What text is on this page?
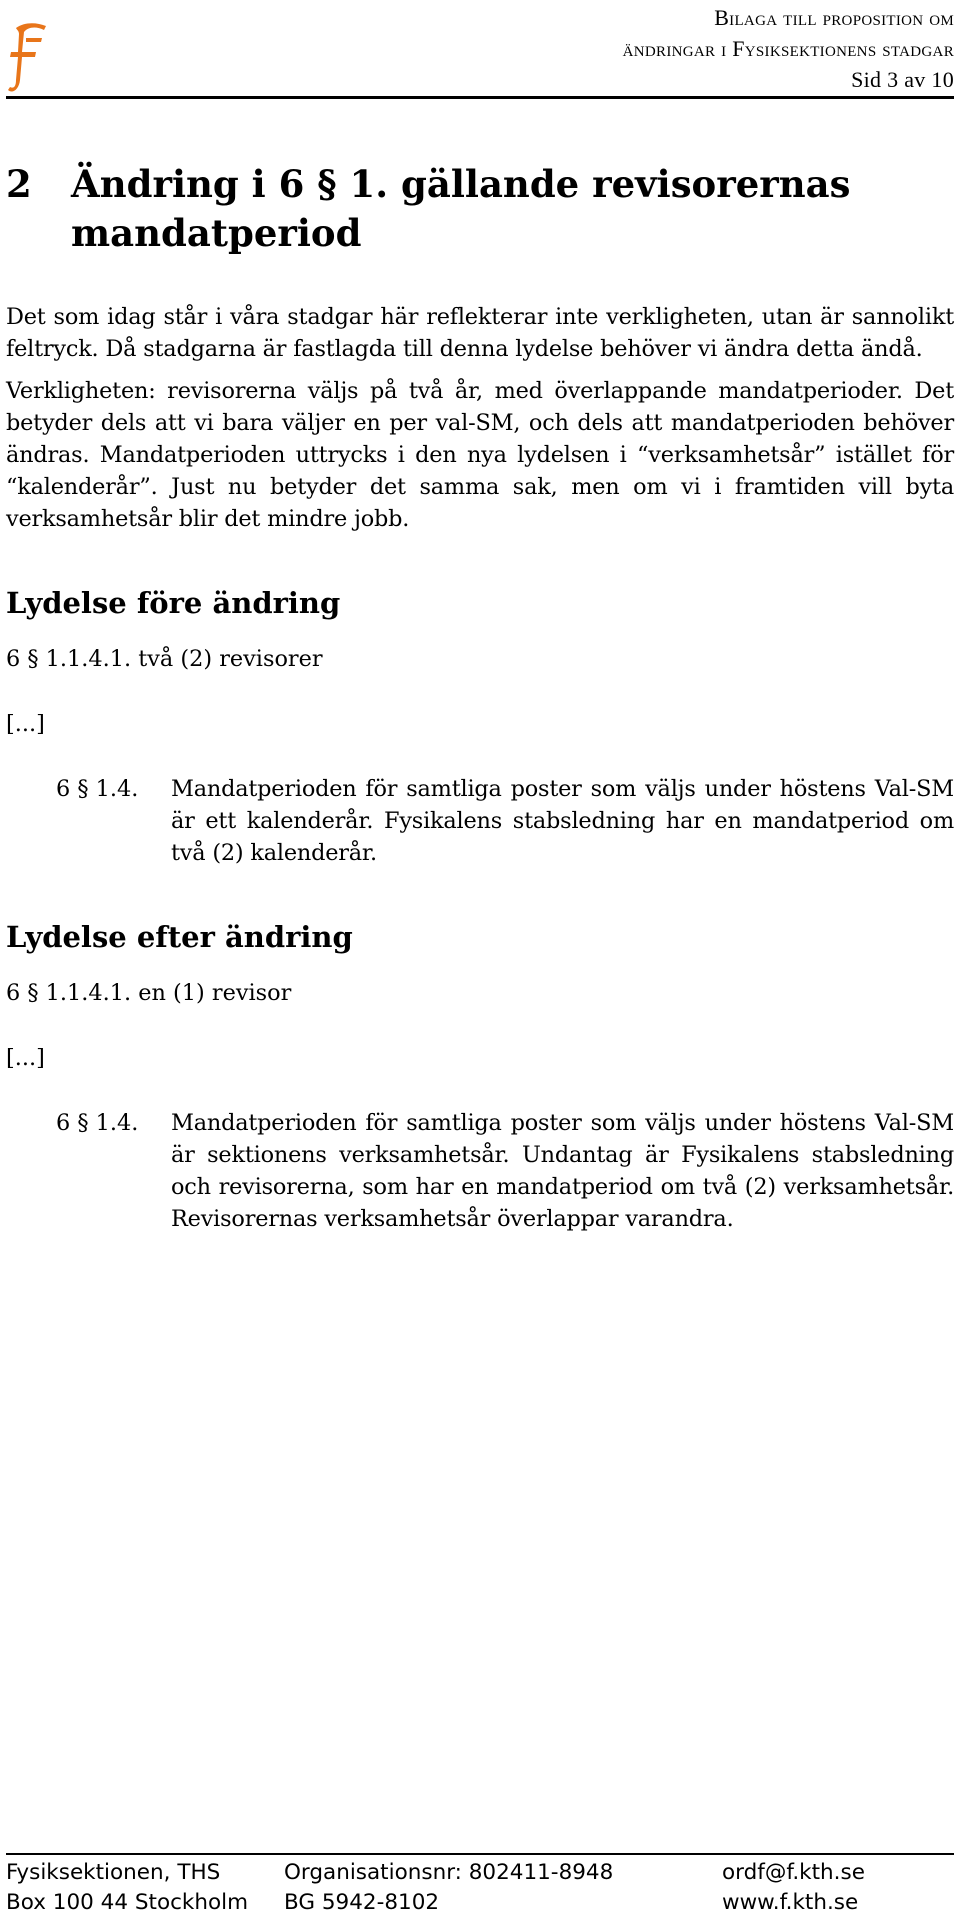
Bilaga till proposition om
ändringar i Fysiksektionens stadgar
Sid 3 av 10
2	Ändring i 6 § 1. gällande revisorernas mandatperiod

Det som idag står i våra stadgar här reflekterar inte verkligheten, utan är sannolikt feltryck. Då stadgarna är fastlagda till denna lydelse behöver vi ändra detta ändå.

Verkligheten: revisorerna väljs på två år, med överlappande mandatperioder. Det betyder dels att vi bara väljer en per val-SM, och dels att mandatperioden behöver ändras. Mandatperioden uttrycks i den nya lydelsen i “verksamhetsår” istället för “kalenderår”. Just nu betyder det samma sak, men om vi i framtiden vill byta verksamhetsår blir det mindre jobb.

Lydelse före ändring

6 § 1.1.4.1. två (2) revisorer

[...]

6 § 1.4.	Mandatperioden för samtliga poster som väljs under höstens Val-SM är ett kalenderår. Fysikalens stabsledning har en mandatperiod om två (2) kalenderår.
Lydelse efter ändring

6 § 1.1.4.1. en (1) revisor

[...]

6 § 1.4.	Mandatperioden för samtliga poster som väljs under höstens Val-SM är sektionens verksamhetsår. Undantag är Fysikalens stabsledning och revisorerna, som har en mandatperiod om två (2) verksamhetsår. Revisorernas verksamhetsår överlappar varandra.
Fysiksektionen, THS
Box 100 44 Stockholm
Organisationsnr: 802411-8948
BG 5942-8102
ordf@f.kth.se
www.f.kth.se
